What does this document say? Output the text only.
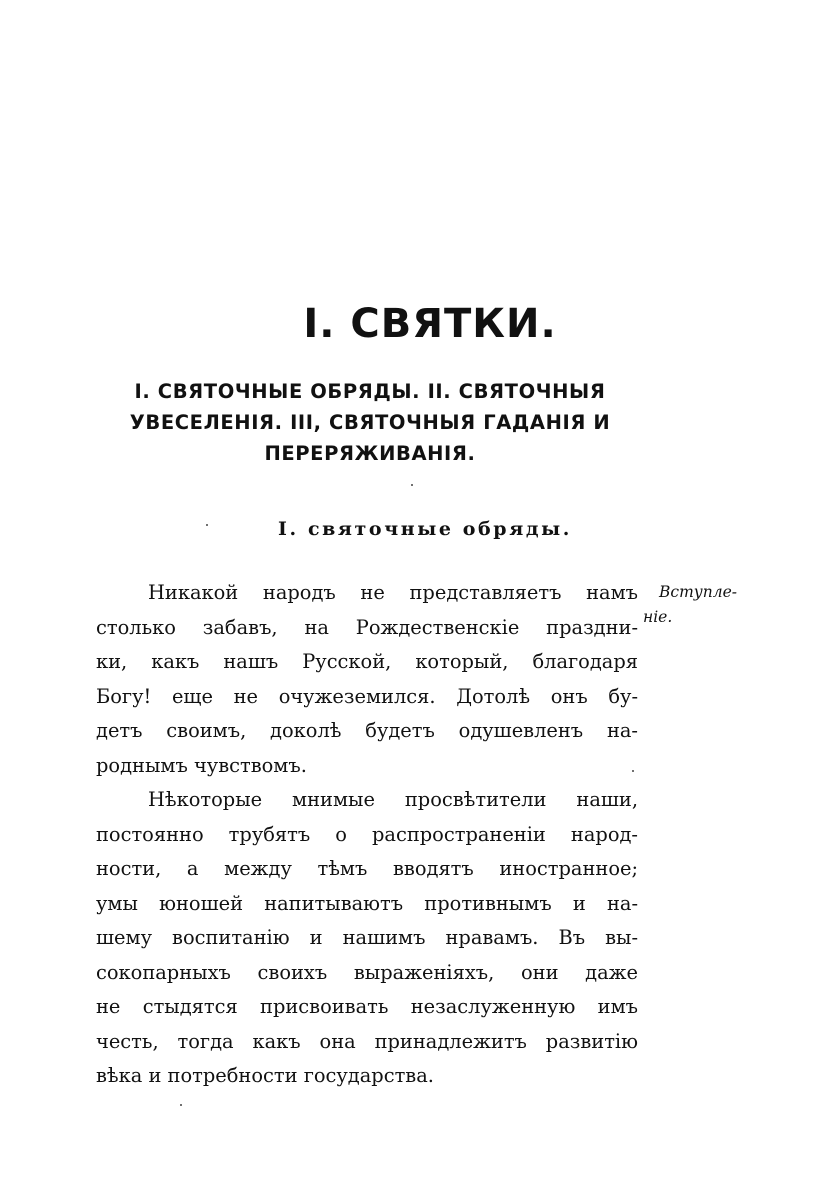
I. СВЯТКИ.
I. СВЯТОЧНЫЕ ОБРЯДЫ. II. СВЯТОЧНЫЯ
УВЕСЕЛЕНІЯ. III, СВЯТОЧНЫЯ ГАДАНІЯ И
ПЕРЕРЯЖИВАНІЯ.
I. святочные обряды.
Вступле-
ніе.
Никакой народъ не представляетъ намъ
столько забавъ, на Рождественскіе праздни-
ки, какъ нашъ Русской, который, благодаря
Богу! еще не очужеземился. Дотолѣ онъ бу-
детъ своимъ, доколѣ будетъ одушевленъ на-
роднымъ чувствомъ.
Нѣкоторые мнимые просвѣтители наши,
постоянно трубятъ о распространеніи народ-
ности, а между тѣмъ вводятъ иностранное;
умы юношей напитываютъ противнымъ и на-
шему воспитанію и нашимъ нравамъ. Въ вы-
сокопарныхъ своихъ выраженіяхъ, они даже
не стыдятся присвоивать незаслуженную имъ
честь, тогда какъ она принадлежитъ развитію
вѣка и потребности государства.
